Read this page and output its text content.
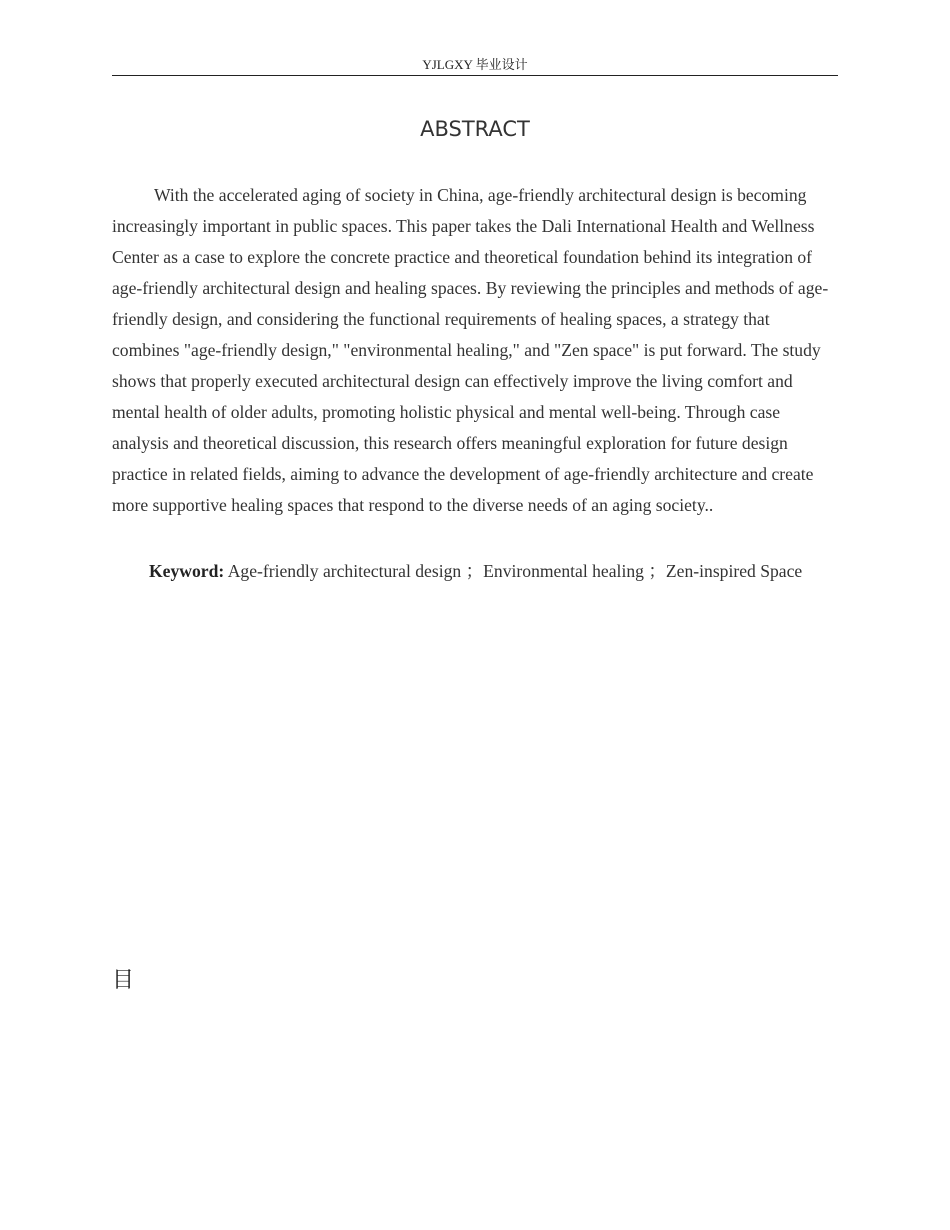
YJLGXY 毕业设计
ABSTRACT

With the accelerated aging of society in China, age-friendly architectural design is becoming increasingly important in public spaces. This paper takes the Dali International Health and Wellness Center as a case to explore the concrete practice and theoretical foundation behind its integration of age-friendly architectural design and healing spaces. By reviewing the principles and methods of age-friendly design, and considering the functional requirements of healing spaces, a strategy that combines "age-friendly design," "environmental healing," and "Zen space" is put forward. The study shows that properly executed architectural design can effectively improve the living comfort and mental health of older adults, promoting holistic physical and mental well-being. Through case analysis and theoretical discussion, this research offers meaningful exploration for future design practice in related fields, aiming to advance the development of age-friendly architecture and create more supportive healing spaces that respond to the diverse needs of an aging society..

Keyword: Age-friendly architectural design ；Environmental healing ；Zen-inspired Space

目
